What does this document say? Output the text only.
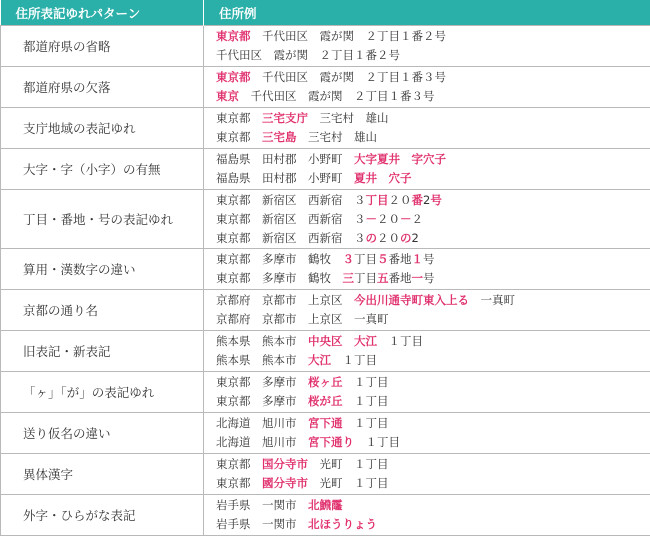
住所表記ゆれパターン	住所例
都道府県の省略	東京都　千代田区　霞が関　２丁目１番２号
千代田区　霞が関　２丁目１番２号

都道府県の欠落	東京都　千代田区　霞が関　２丁目１番３号
東京　千代田区　霞が関　２丁目１番３号

支庁地域の表記ゆれ	東京都　三宅支庁　三宅村　雄山
東京都　三宅島　三宅村　雄山

大字・字（小字）の有無	福島県　田村郡　小野町　大字夏井　字穴子
福島県　田村郡　小野町　夏井　穴子

丁目・番地・号の表記ゆれ	東京都　新宿区　西新宿　３丁目２０番2号
東京都　新宿区　西新宿　３－２０－２
東京都　新宿区　西新宿　３の２０の2

算用・漢数字の違い	東京都　多摩市　鶴牧　３丁目５番地１号
東京都　多摩市　鶴牧　三丁目五番地一号

京都の通り名	京都府　京都市　上京区　今出川通寺町東入上る　一真町
京都府　京都市　上京区　一真町

旧表記・新表記	熊本県　熊本市　中央区　大江　１丁目
熊本県　熊本市　大江　１丁目

「ヶ」「が」の表記ゆれ	東京都　多摩市　桜ヶ丘　１丁目
東京都　多摩市　桜が丘　１丁目

送り仮名の違い	北海道　旭川市　宮下通　１丁目
北海道　旭川市　宮下通り　１丁目

異体漢字	東京都　国分寺市　光町　１丁目
東京都　國分寺市　光町　１丁目

外字・ひらがな表記	岩手県　一関市　北𩹉霳
岩手県　一関市　北ほうりょう
